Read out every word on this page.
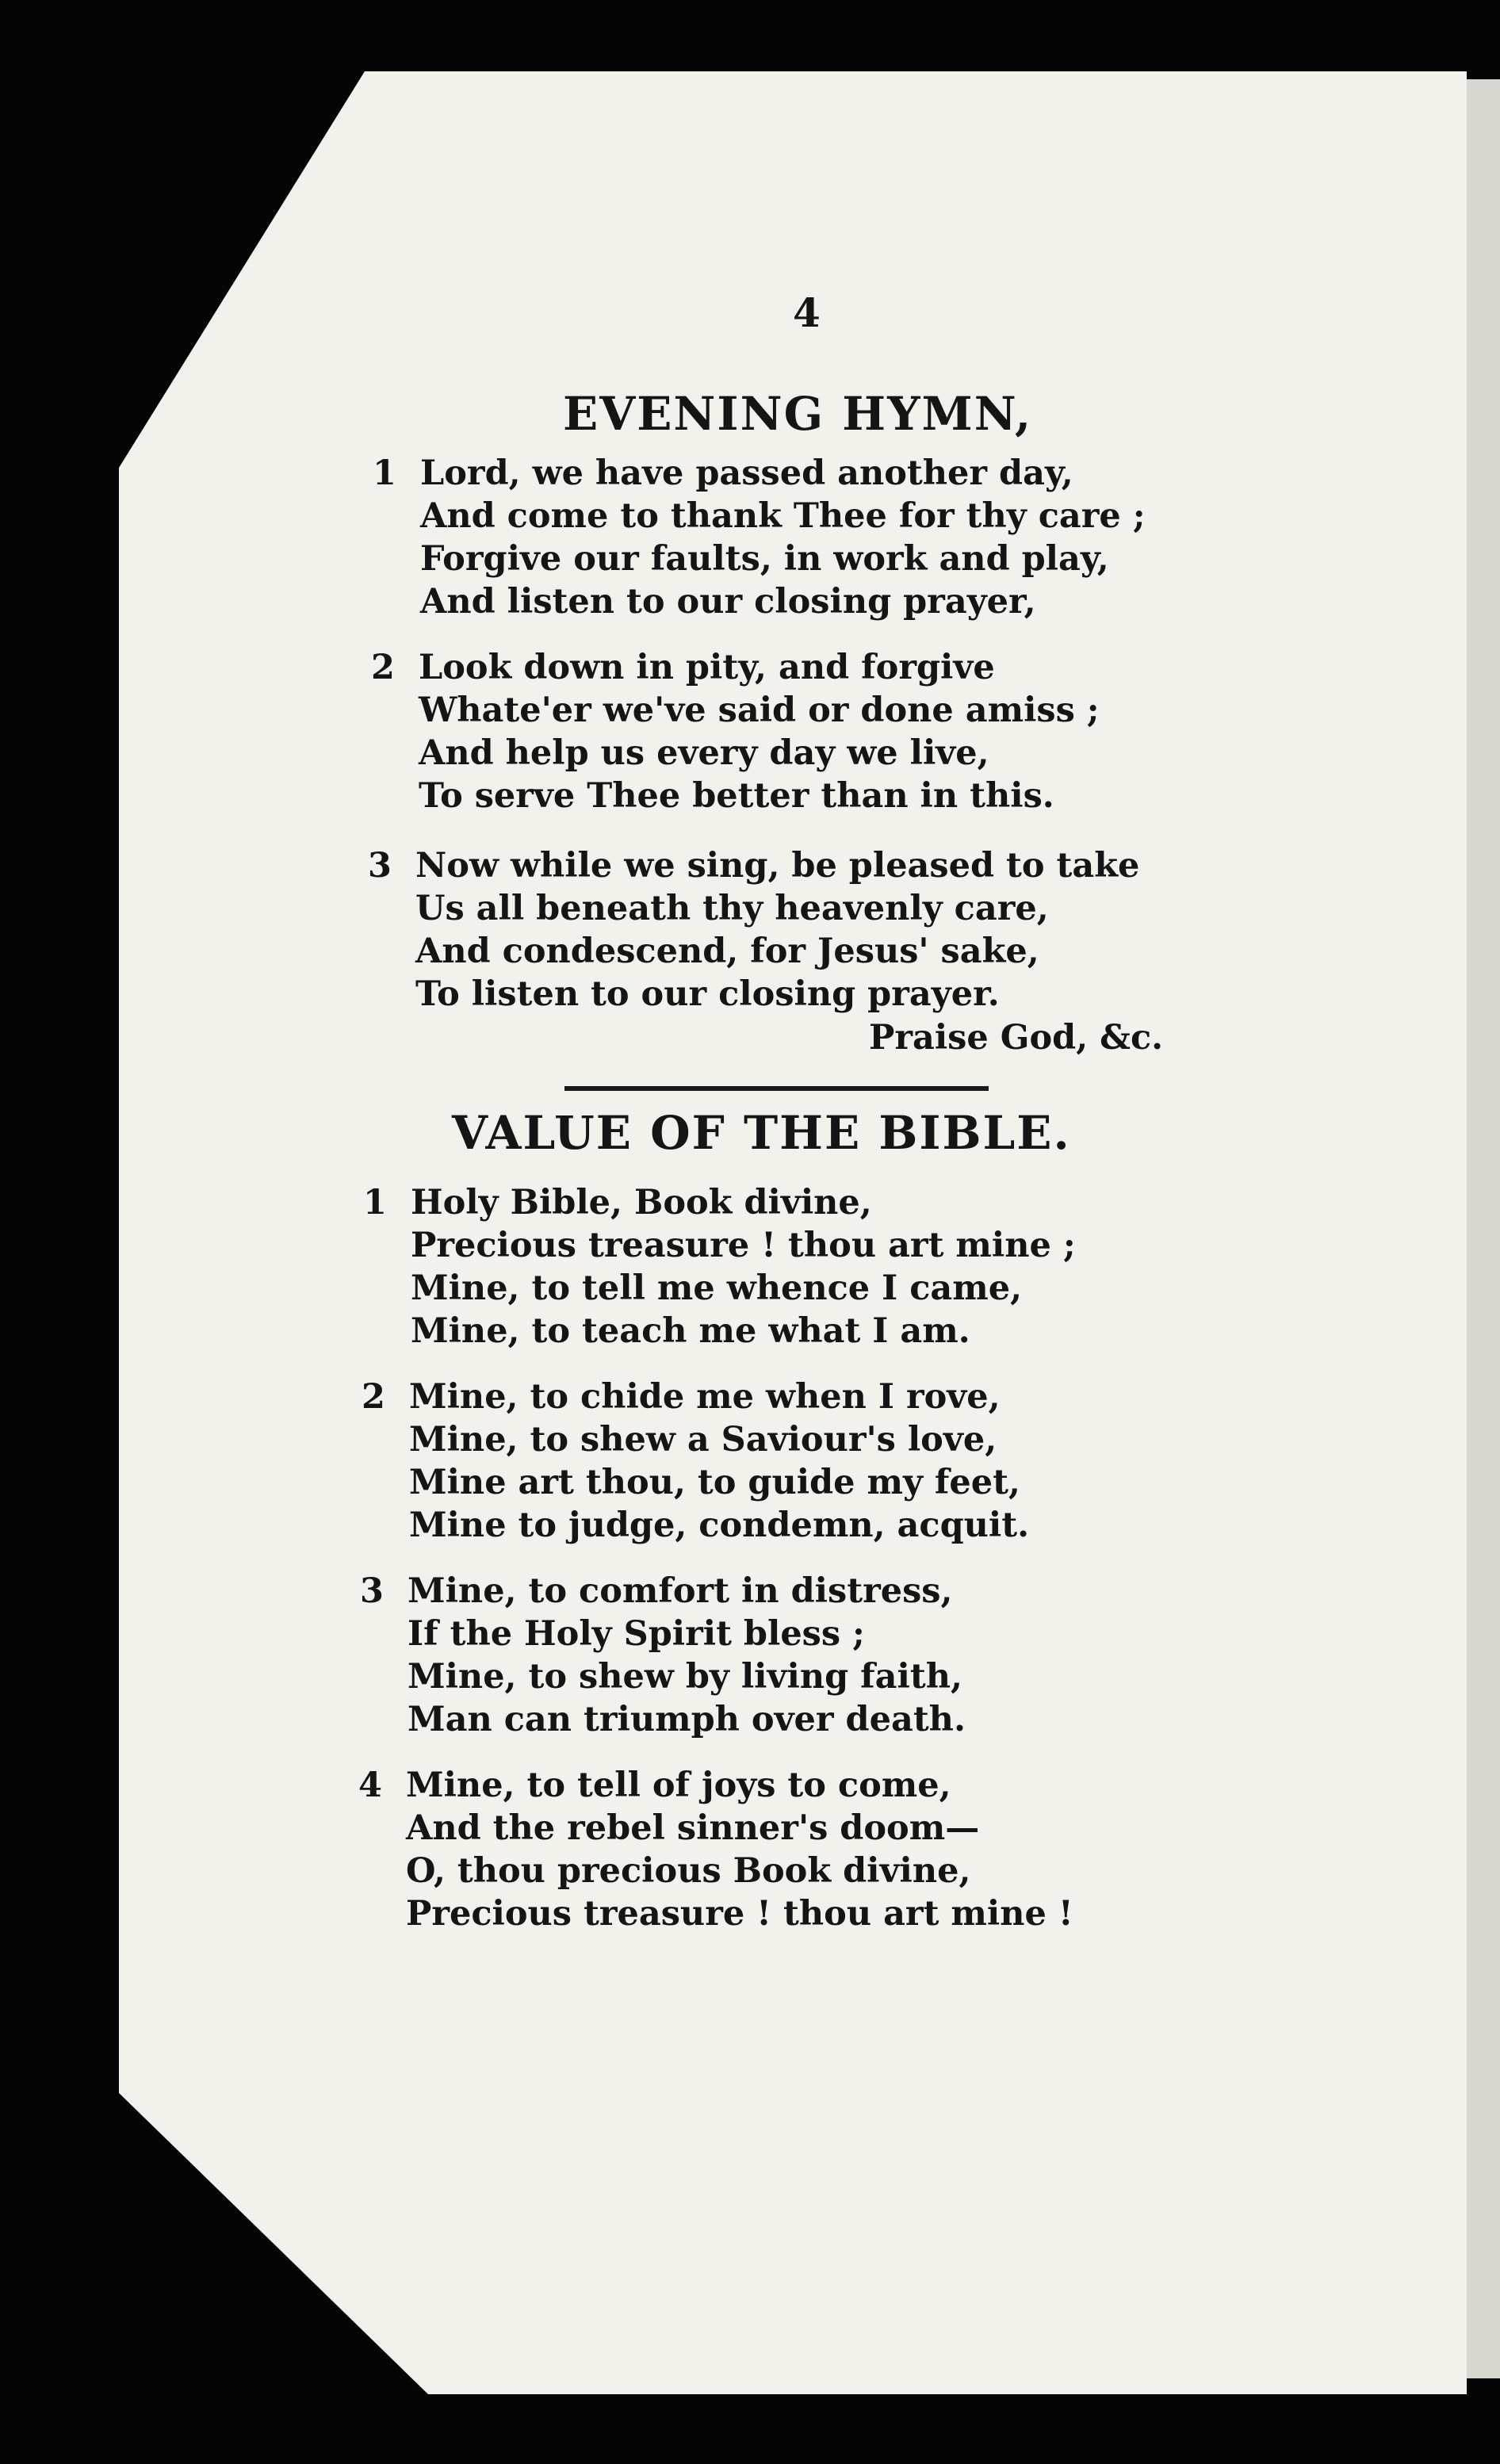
4
EVENING HYMN,
1 Lord, we have passed another day,
And come to thank Thee for thy care ;
Forgive our faults, in work and play,
And listen to our closing prayer,
2 Look down in pity, and forgive
Whate'er we've said or done amiss ;
And help us every day we live,
To serve Thee better than in this.
3 Now while we sing, be pleased to take
Us all beneath thy heavenly care,
And condescend, for Jesus' sake,
To listen to our closing prayer.
Praise God, &c.
VALUE OF THE BIBLE.
1 Holy Bible, Book divine,
Precious treasure ! thou art mine ;
Mine, to tell me whence I came,
Mine, to teach me what I am.
2 Mine, to chide me when I rove,
Mine, to shew a Saviour's love,
Mine art thou, to guide my feet,
Mine to judge, condemn, acquit.
3 Mine, to comfort in distress,
If the Holy Spirit bless ;
Mine, to shew by living faith,
Man can triumph over death.
4 Mine, to tell of joys to come,
And the rebel sinner's doom—
O, thou precious Book divine,
Precious treasure ! thou art mine !
